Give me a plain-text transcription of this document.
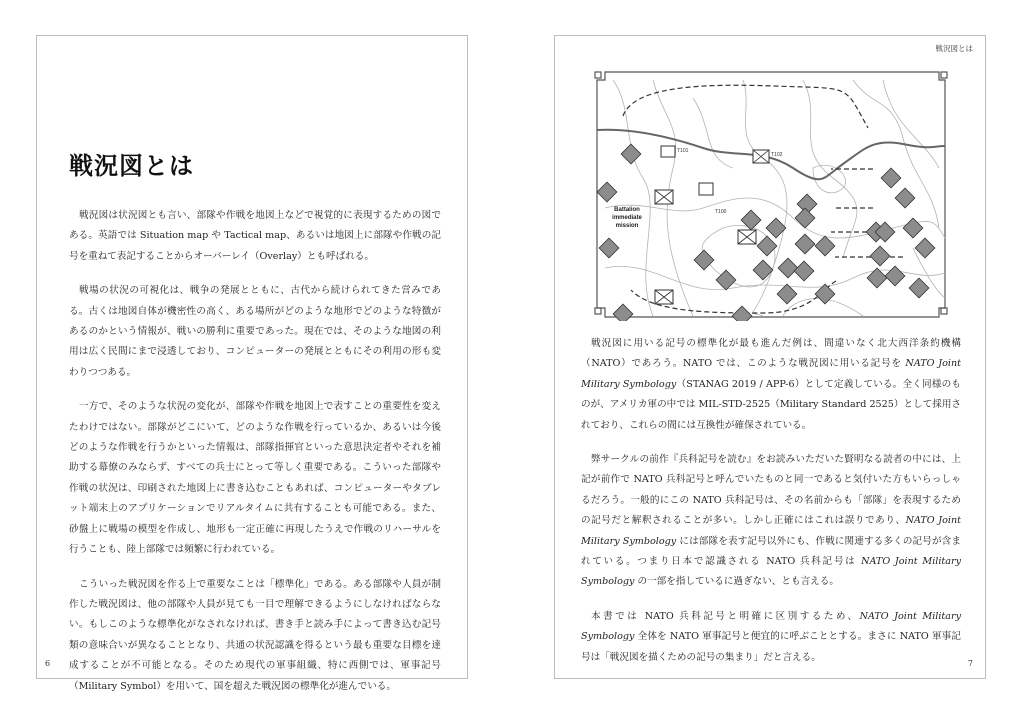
戦況図とは

戦況図は状況図とも言い、部隊や作戦を地図上などで視覚的に表現するための図である。英語では Situation map や Tactical map、あるいは地図上に部隊や作戦の記号を重ねて表記することからオーバーレイ（Overlay）とも呼ばれる。

戦場の状況の可視化は、戦争の発展とともに、古代から続けられてきた営みである。古くは地図自体が機密性の高く、ある場所がどのような地形でどのような特徴があるのかという情報が、戦いの勝利に重要であった。現在では、そのような地図の利用は広く民間にまで浸透しており、コンピューターの発展とともにその利用の形も変わりつつある。

一方で、そのような状況の変化が、部隊や作戦を地図上で表すことの重要性を変えたわけではない。部隊がどこにいて、どのような作戦を行っているか、あるいは今後どのような作戦を行うかといった情報は、部隊指揮官といった意思決定者やそれを補助する幕僚のみならず、すべての兵士にとって等しく重要である。こういった部隊や作戦の状況は、印刷された地図上に書き込むこともあれば、コンピューターやタブレット端末上のアプリケーションでリアルタイムに共有することも可能である。また、砂盤上に戦場の模型を作成し、地形も一定正確に再現したうえで作戦のリハーサルを行うことも、陸上部隊では頻繁に行われている。

こういった戦況図を作る上で重要なことは「標準化」である。ある部隊や人員が制作した戦況図は、他の部隊や人員が見ても一目で理解できるようにしなければならない。もしこのような標準化がなされなければ、書き手と読み手によって書き込む記号類の意味合いが異なることとなり、共通の状況認識を得るという最も重要な目標を達成することが不可能となる。そのため現代の軍事組織、特に西側では、軍事記号（Military Symbol）を用いて、国を超えた戦況図の標準化が進んでいる。

6
戦況図とは
T101
T102
T100
Battalion
immediate
mission

戦況図に用いる記号の標準化が最も進んだ例は、間違いなく北大西洋条約機構（NATO）であろう。NATO では、このような戦況図に用いる記号を NATO Joint Military Symbology（STANAG 2019 / APP-6）として定義している。全く同様のものが、アメリカ軍の中では MIL-STD-2525（Military Standard 2525）として採用されており、これらの間には互換性が確保されている。

弊サークルの前作『兵科記号を読む』をお読みいただいた賢明なる読者の中には、上記が前作で NATO 兵科記号と呼んでいたものと同一であると気付いた方もいらっしゃるだろう。一般的にこの NATO 兵科記号は、その名前からも「部隊」を表現するための記号だと解釈されることが多い。しかし正確にはこれは誤りであり、NATO Joint Military Symbology には部隊を表す記号以外にも、作戦に関連する多くの記号が含まれている。つまり日本で認識される NATO 兵科記号は NATO Joint Military Symbology の一部を指しているに過ぎない、とも言える。

本書では NATO 兵科記号と明確に区別するため、NATO Joint Military Symbology 全体を NATO 軍事記号と便宜的に呼ぶこととする。まさに NATO 軍事記号は「戦況図を描くための記号の集まり」だと言える。

7
